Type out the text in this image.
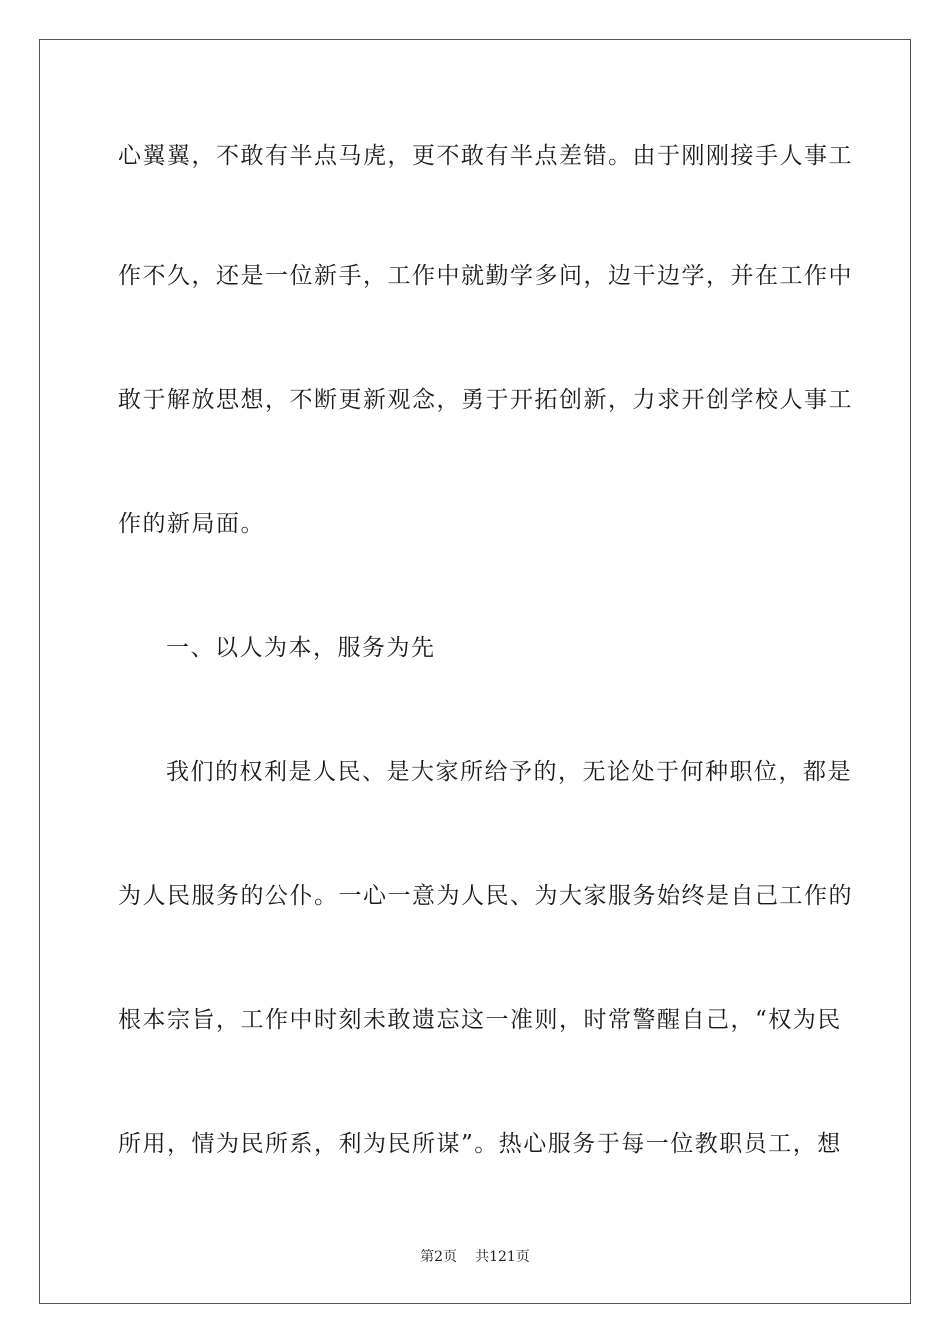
心翼翼，不敢有半点马虎，更不敢有半点差错。由于刚刚接手人事工
作不久，还是一位新手，工作中就勤学多问，边干边学，并在工作中
敢于解放思想，不断更新观念，勇于开拓创新，力求开创学校人事工
作的新局面。
一、以人为本，服务为先
我们的权利是人民、是大家所给予的，无论处于何种职位，都是
为人民服务的公仆。一心一意为人民、为大家服务始终是自己工作的
根本宗旨，工作中时刻未敢遗忘这一准则，时常警醒自己，“权为民
所用，情为民所系，利为民所谋”。热心服务于每一位教职员工，想
第2页 共121页
